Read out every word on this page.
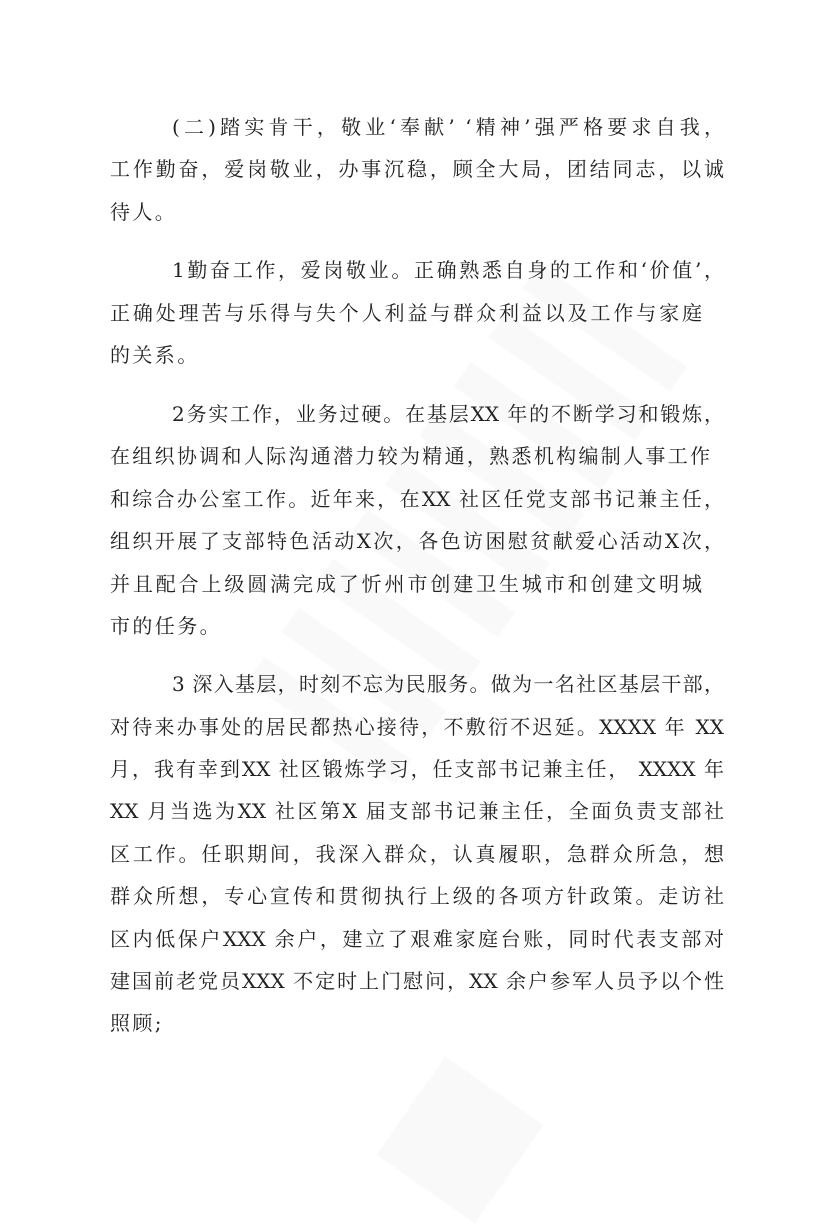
(二)踏实肯干，敬业‘奉献’ ‘精神’强严格要求自我，
工作勤奋，爱岗敬业，办事沉稳，顾全大局，团结同志，以诚
待人。
1勤奋工作，爱岗敬业。正确熟悉自身的工作和‘价值’，
正确处理苦与乐得与失个人利益与群众利益以及工作与家庭
的关系。
2务实工作，业务过硬。在基层XX 年的不断学习和锻炼，
在组织协调和人际沟通潜力较为精通，熟悉机构编制人事工作
和综合办公室工作。近年来，在XX 社区任党支部书记兼主任，
组织开展了支部特色活动X次，各色访困慰贫献爱心活动X次，
并且配合上级圆满完成了忻州市创建卫生城市和创建文明城
市的任务。
3 深入基层，时刻不忘为民服务。做为一名社区基层干部，
对待来办事处的居民都热心接待，不敷衍不迟延。XXXX 年 XX
月，我有幸到XX 社区锻炼学习，任支部书记兼主任， XXXX 年
XX 月当选为XX 社区第X 届支部书记兼主任，全面负责支部社
区工作。任职期间，我深入群众，认真履职，急群众所急，想
群众所想，专心宣传和贯彻执行上级的各项方针政策。走访社
区内低保户XXX 余户，建立了艰难家庭台账，同时代表支部对
建国前老党员XXX 不定时上门慰问，XX 余户参军人员予以个性
照顾;
